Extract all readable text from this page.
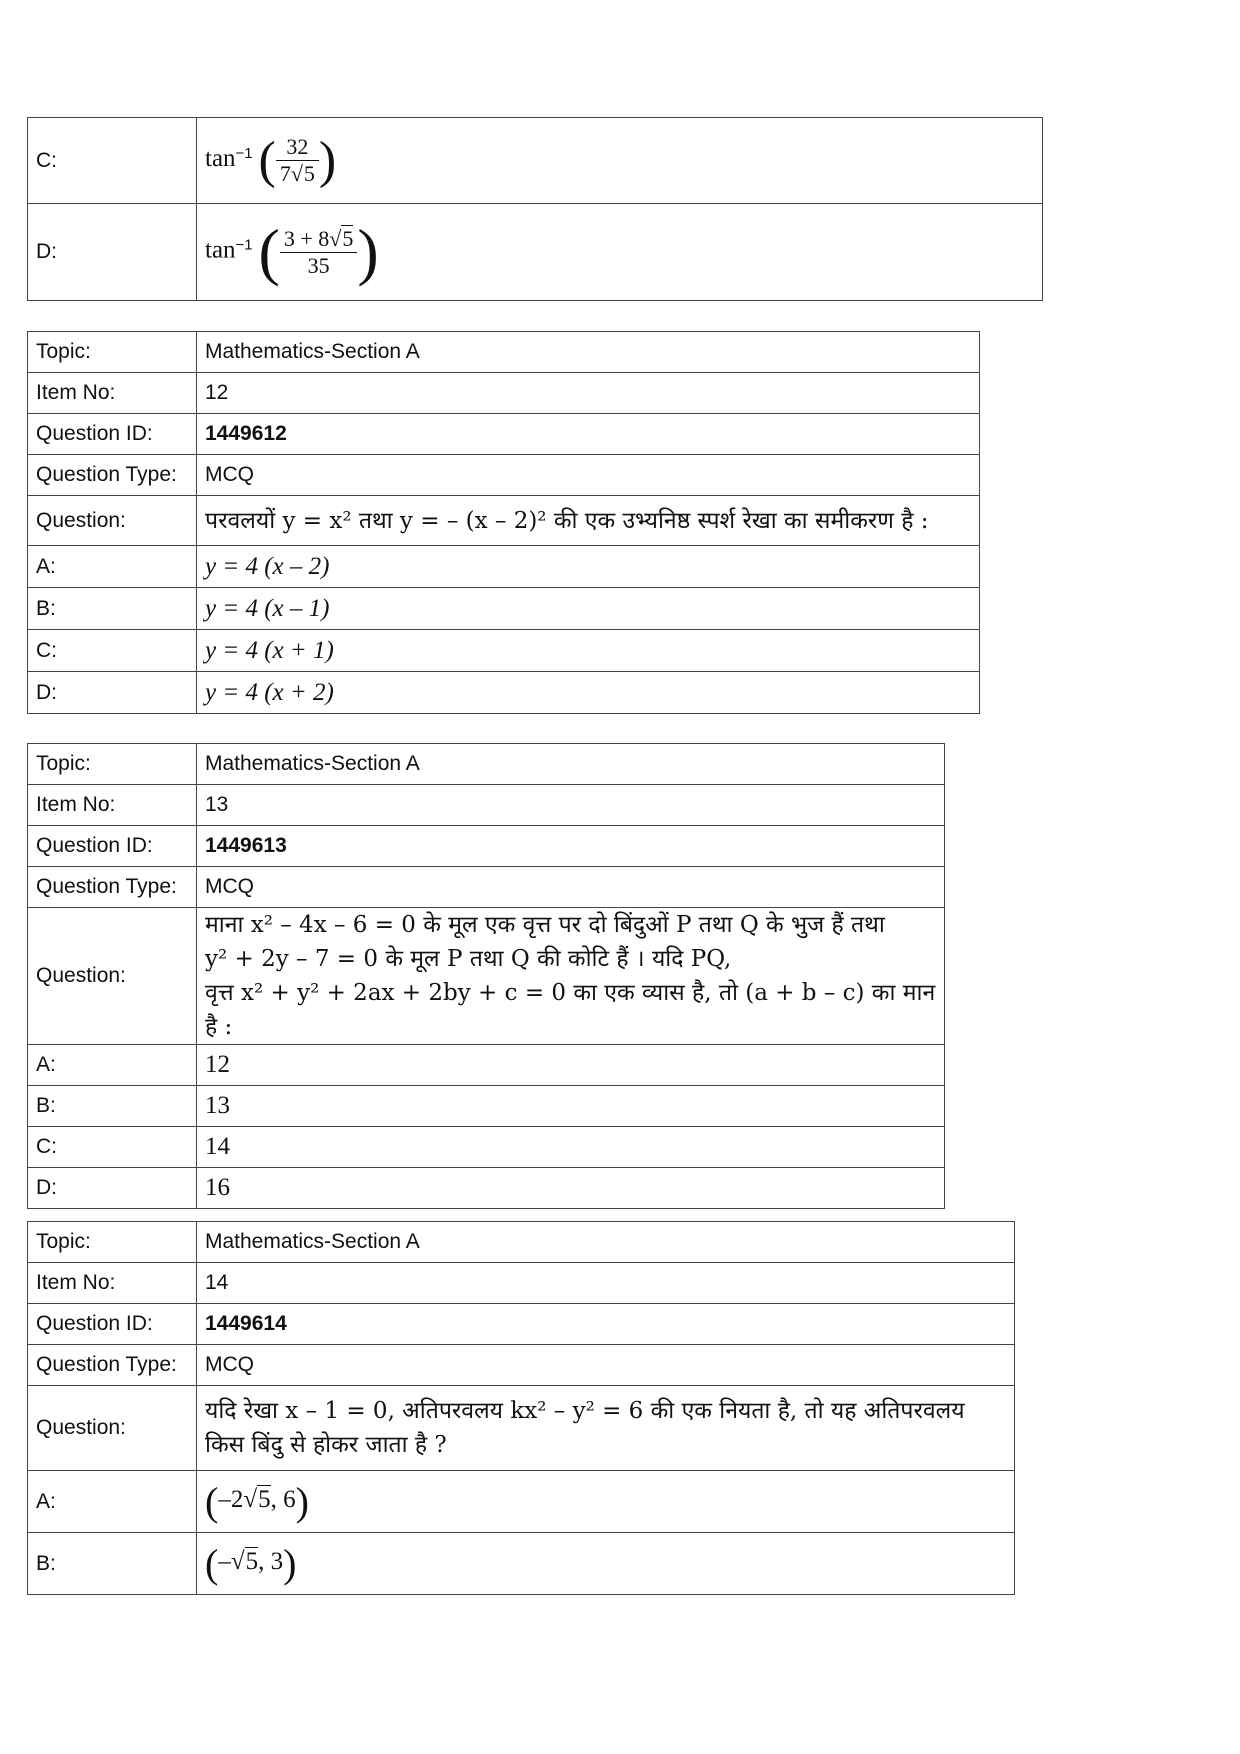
C:	$\tan^{-1}$ ( $\frac{32}{7√5}$ )
D:	$\tan^{-1}$ ( $\frac{3 + 8√5}{35}$ )
Topic:	Mathematics-Section A
Item No:	12
Question ID:	1449612
Question Type:	MCQ
Question:	परवलयों y = x² तथा y = – (x – 2)² की एक उभ्यनिष्ठ स्पर्श रेखा का समीकरण है :
A:	y = 4 (x – 2)
B:	y = 4 (x – 1)
C:	y = 4 (x + 1)
D:	y = 4 (x + 2)
Topic:	Mathematics-Section A
Item No:	13
Question ID:	1449613
Question Type:	MCQ
Question:	माना x² – 4x – 6 = 0 के मूल एक वृत्त पर दो बिंदुओं P तथा Q के भुज हैं तथा
y² + 2y – 7 = 0 के मूल P तथा Q की कोटि हैं । यदि PQ,
वृत्त x² + y² + 2ax + 2by + c = 0 का एक व्यास है, तो (a + b – c) का मान है :

A:	12
B:	13
C:	14
D:	16
Topic:	Mathematics-Section A
Item No:	14
Question ID:	1449614
Question Type:	MCQ
Question:	यदि रेखा x – 1 = 0, अतिपरवलय kx² – y² = 6 की एक नियता है, तो यह अतिपरवलय
किस बिंदु से होकर जाता है ?

A:	(–2√5, 6)
B:	(–√5, 3)
